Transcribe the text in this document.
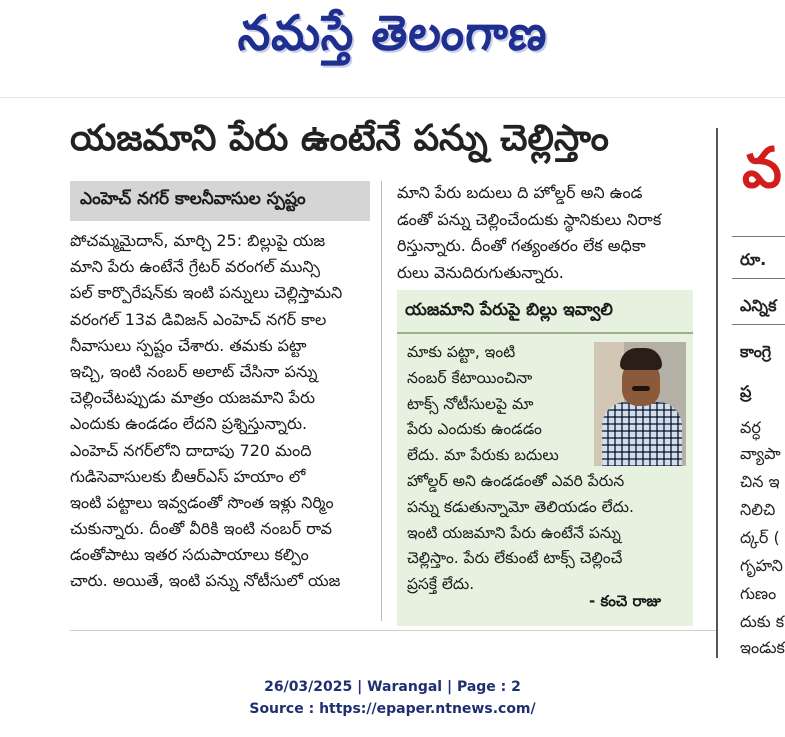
నమస్తే తెలంగాణ
యజమాని పేరు ఉంటేనే పన్ను చెల్లిస్తాం
ఎంహెచ్ నగర్ కాలనీవాసుల స్పష్టం
పోచమ్మమైదాన్, మార్చి 25: బిల్లుపై యజ
మాని పేరు ఉంటేనే గ్రేటర్ వరంగల్ మున్సి
పల్ కార్పొరేషన్‌కు ఇంటి పన్నులు చెల్లిస్తామని
వరంగల్ 13వ డివిజన్ ఎంహెచ్ నగర్ కాల
నీవాసులు స్పష్టం చేశారు. తమకు పట్టా
ఇచ్చి, ఇంటి నంబర్ అలాట్ చేసినా పన్ను
చెల్లించేటప్పుడు మాత్రం యజమాని పేరు
ఎందుకు ఉండడం లేదని ప్రశ్నిస్తున్నారు.
ఎంహెచ్ నగర్‌లోని దాదాపు 720 మంది
గుడిసెవాసులకు బీఆర్ఎస్ హయాం లో
ఇంటి పట్టాలు ఇవ్వడంతో సొంత ఇళ్లు నిర్మిం
చుకున్నారు. దీంతో వీరికి ఇంటి నంబర్ రావ
డంతోపాటు ఇతర సదుపాయాలు కల్పిం
చారు. అయితే, ఇంటి పన్ను నోటీసులో యజ
మాని పేరు బదులు ది హోల్డర్ అని ఉండ
డంతో పన్ను చెల్లించేందుకు స్థానికులు నిరాక
రిస్తున్నారు. దీంతో గత్యంతరం లేక అధికా
రులు వెనుదిరుగుతున్నారు.
యజమాని పేరుపై బిల్లు ఇవ్వాలి
మాకు పట్టా, ఇంటి
నంబర్ కేటాయించినా
టాక్స్ నోటీసులపై మా
పేరు ఎందుకు ఉండడం
లేదు. మా పేరుకు బదులు
హోల్డర్ అని ఉండడంతో ఎవరి పేరున
పన్ను కడుతున్నామో తెలియడం లేదు.
ఇంటి యజమాని పేరు ఉంటేనే పన్ను
చెల్లిస్తాం. పేరు లేకుంటే టాక్స్ చెల్లించే
ప్రసక్తే లేదు.
- కంచె రాజు
వ
రూ.
ఎన్నిక
కాంగ్రె
ప్ర
వర్ధ
వ్యాపా
చిన ఇ
నిలిచి
ద్కర్ (
గృహని
గుణం
దుకు క
ఇండుక
26/03/2025 | Warangal | Page : 2
Source : https://epaper.ntnews.com/
